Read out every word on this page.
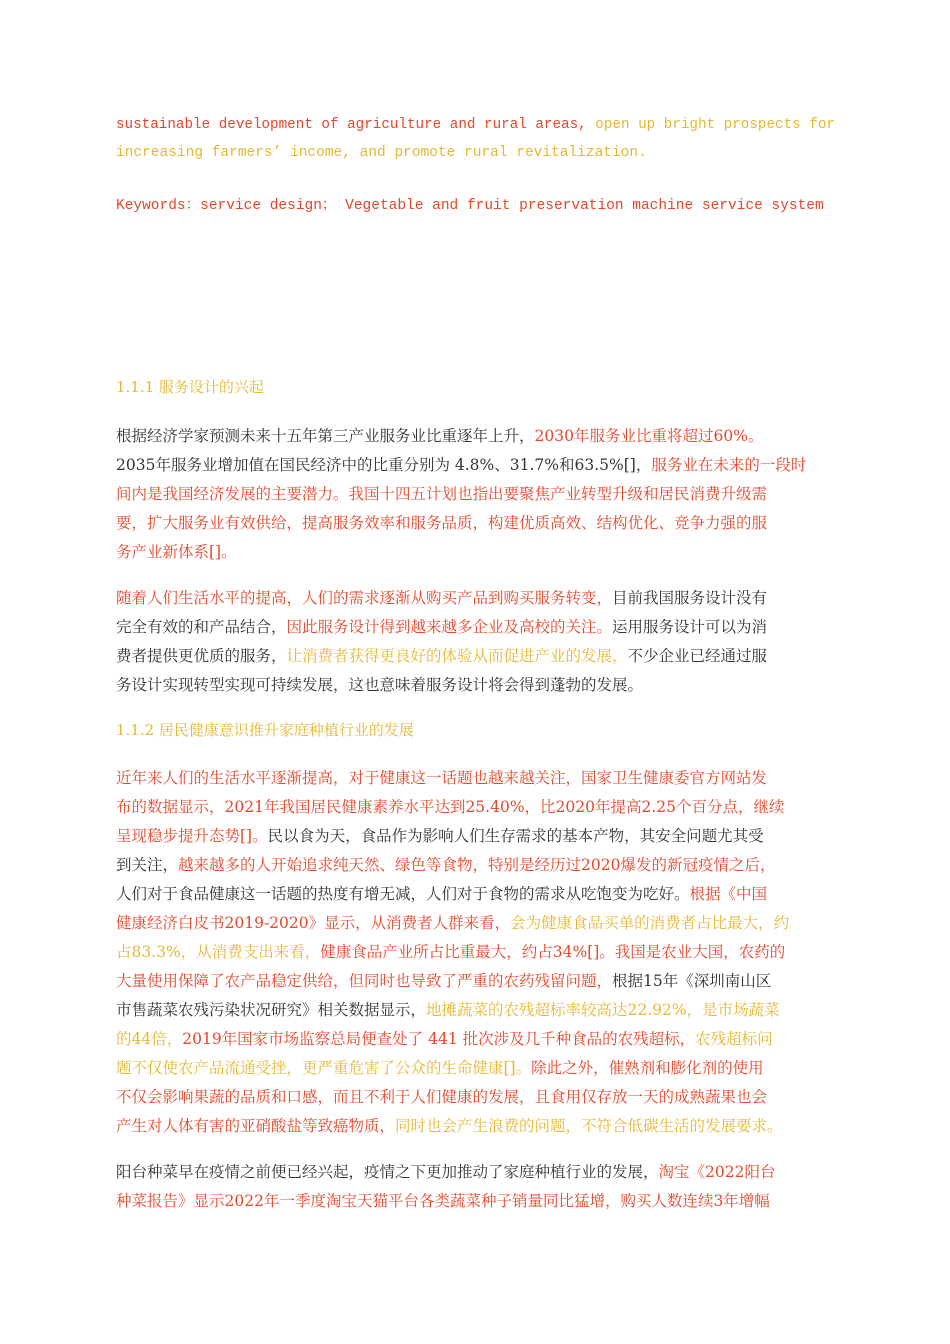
sustainable development of agriculture and rural areas, open up bright prospects for
increasing farmers’ income, and promote rural revitalization.
Keywords：service design； Vegetable and fruit preservation machine service system
1.1.1 服务设计的兴起
根据经济学家预测未来十五年第三产业服务业比重逐年上升，2030年服务业比重将超过60%。
2035年服务业增加值在国民经济中的比重分别为 4.8%、31.7%和63.5%[]，服务业在未来的一段时
间内是我国经济发展的主要潜力。我国十四五计划也指出要聚焦产业转型升级和居民消费升级需
要，扩大服务业有效供给，提高服务效率和服务品质，构建优质高效、结构优化、竞争力强的服
务产业新体系[]。
随着人们生活水平的提高，人们的需求逐渐从购买产品到购买服务转变，目前我国服务设计没有
完全有效的和产品结合，因此服务设计得到越来越多企业及高校的关注。运用服务设计可以为消
费者提供更优质的服务，让消费者获得更良好的体验从而促进产业的发展，不少企业已经通过服
务设计实现转型实现可持续发展，这也意味着服务设计将会得到蓬勃的发展。
1.1.2 居民健康意识推升家庭种植行业的发展
近年来人们的生活水平逐渐提高，对于健康这一话题也越来越关注，国家卫生健康委官方网站发
布的数据显示，2021年我国居民健康素养水平达到25.40%，比2020年提高2.25个百分点，继续
呈现稳步提升态势[]。民以食为天，食品作为影响人们生存需求的基本产物，其安全问题尤其受
到关注，越来越多的人开始追求纯天然、绿色等食物，特别是经历过2020爆发的新冠疫情之后，
人们对于食品健康这一话题的热度有增无减，人们对于食物的需求从吃饱变为吃好。根据《中国
健康经济白皮书2019-2020》显示，从消费者人群来看，会为健康食品买单的消费者占比最大，约
占83.3%，从消费支出来看，健康食品产业所占比重最大，约占34%[]。我国是农业大国，农药的
大量使用保障了农产品稳定供给，但同时也导致了严重的农药残留问题，根据15年《深圳南山区
市售蔬菜农残污染状况研究》相关数据显示，地摊蔬菜的农残超标率较高达22.92%，是市场蔬菜
的44倍，2019年国家市场监察总局便查处了 441 批次涉及几千种食品的农残超标，农残超标问
题不仅使农产品流通受挫，更严重危害了公众的生命健康[]。除此之外，催熟剂和膨化剂的使用
不仅会影响果蔬的品质和口感，而且不利于人们健康的发展，且食用仅存放一天的成熟蔬果也会
产生对人体有害的亚硝酸盐等致癌物质，同时也会产生浪费的问题，不符合低碳生活的发展要求。
阳台种菜早在疫情之前便已经兴起，疫情之下更加推动了家庭种植行业的发展，淘宝《2022阳台
种菜报告》显示2022年一季度淘宝天猫平台各类蔬菜种子销量同比猛增，购买人数连续3年增幅
